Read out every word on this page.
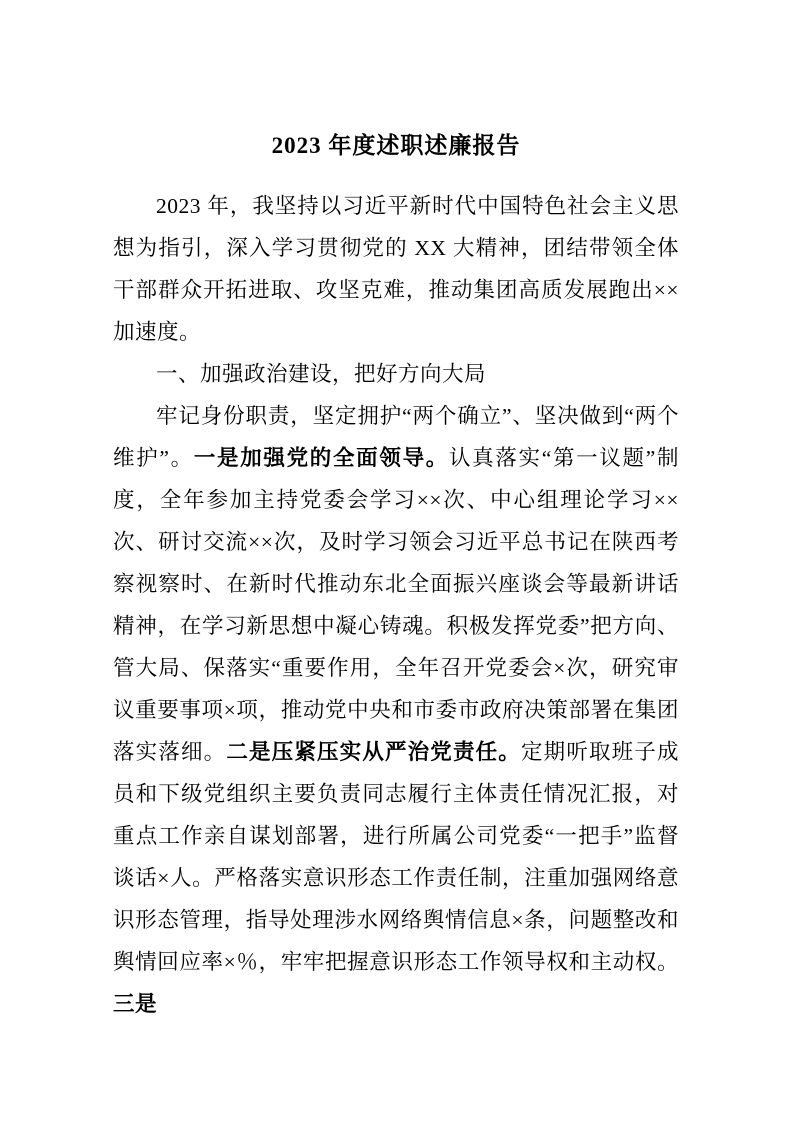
2023 年度述职述廉报告

2023 年，我坚持以习近平新时代中国特色社会主义思想为指引，深入学习贯彻党的 XX 大精神，团结带领全体干部群众开拓进取、攻坚克难，推动集团高质发展跑出××加速度。

一、加强政治建设，把好方向大局

牢记身份职责，坚定拥护“两个确立”、坚决做到“两个维护”。一是加强党的全面领导。认真落实“第一议题”制度，全年参加主持党委会学习××次、中心组理论学习××次、研讨交流××次，及时学习领会习近平总书记在陕西考察视察时、在新时代推动东北全面振兴座谈会等最新讲话精神，在学习新思想中凝心铸魂。积极发挥党委”把方向、管大局、保落实“重要作用，全年召开党委会×次，研究审议重要事项×项，推动党中央和市委市政府决策部署在集团落实落细。二是压紧压实从严治党责任。定期听取班子成员和下级党组织主要负责同志履行主体责任情况汇报，对重点工作亲自谋划部署，进行所属公司党委“一把手”监督谈话×人。严格落实意识形态工作责任制，注重加强网络意识形态管理，指导处理涉水网络舆情信息×条，问题整改和舆情回应率×％，牢牢把握意识形态工作领导权和主动权。三是
